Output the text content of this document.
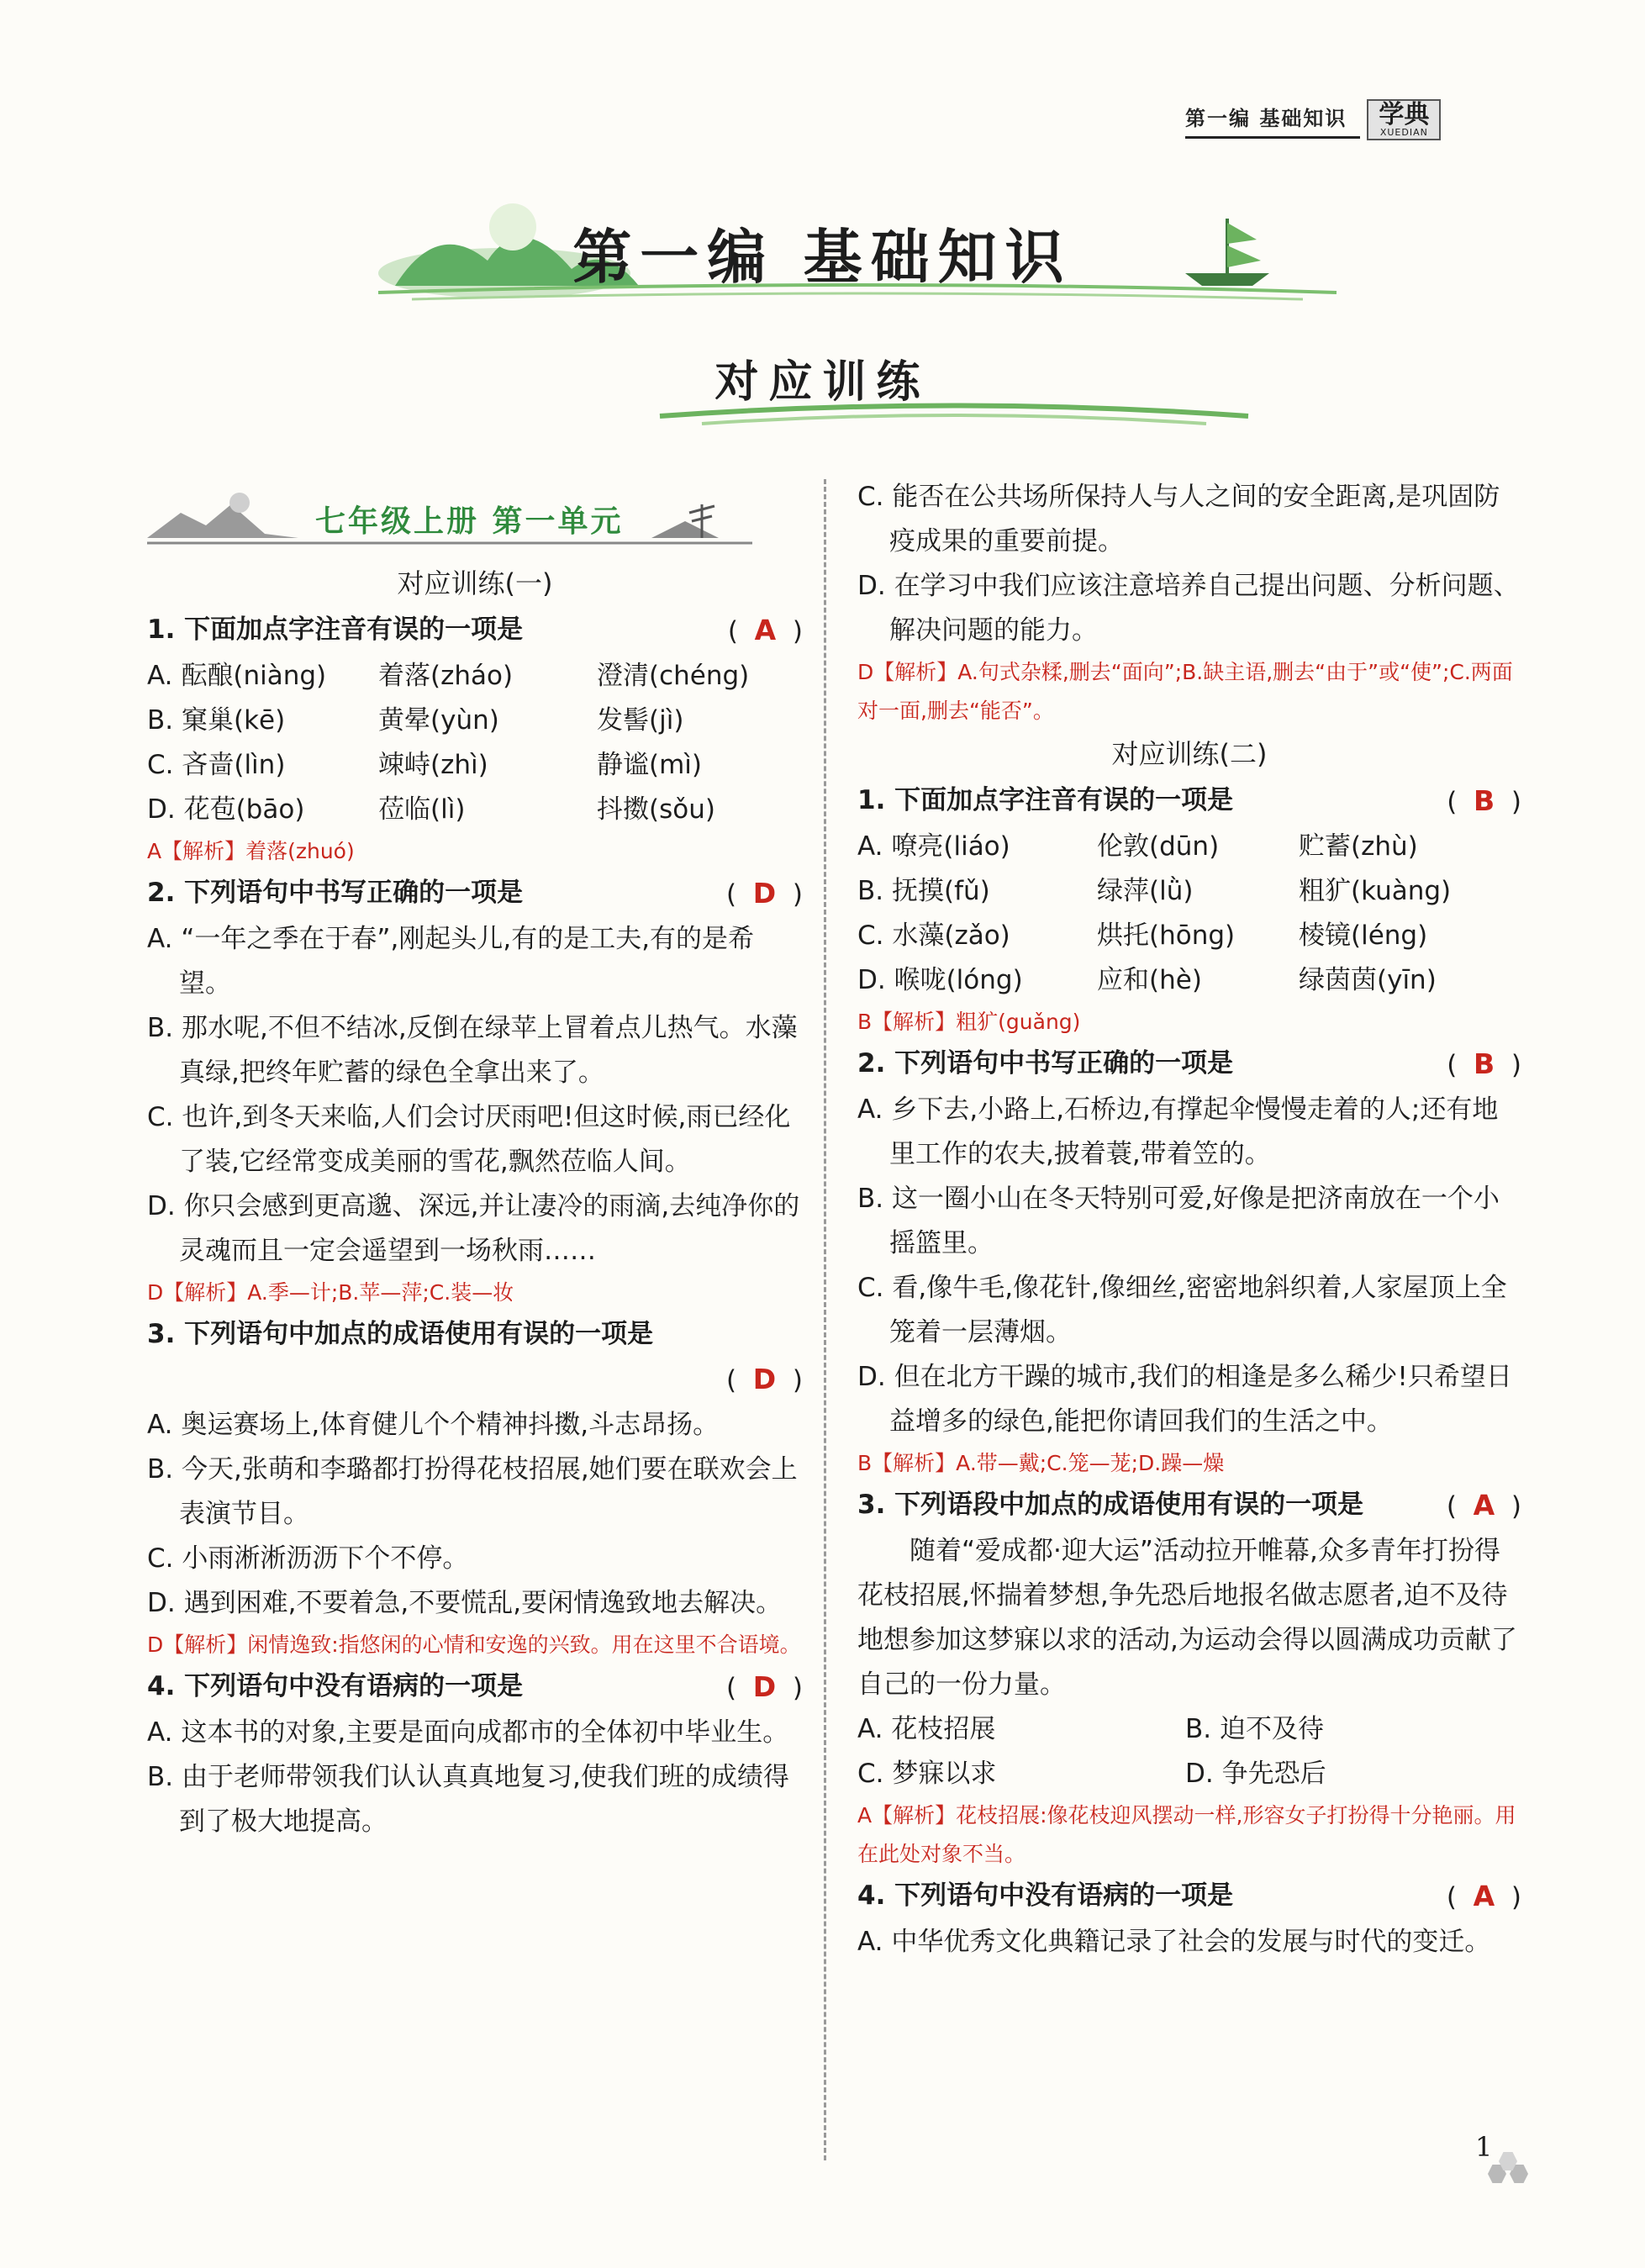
第一编 基础知识	学典
XUEDIAN
第一编 基础知识
对应训练
七年级上册 第一单元
对应训练(一)
1. 下面加点字注音有误的一项是	(  A  )
A. 酝酿(niàng)	着落(zháo)	澄清(chéng)
B. 窠巢(kē)	黄晕(yùn)	发髻(jì)
C. 吝啬(lìn)	竦峙(zhì)	静谧(mì)
D. 花苞(bāo)	莅临(lì)	抖擞(sǒu)
A【解析】着落(zhuó)
2. 下列语句中书写正确的一项是	(  D  )
A. “一年之季在于春”,刚起头儿,有的是工夫,有的是希望。
B. 那水呢,不但不结冰,反倒在绿苹上冒着点儿热气。水藻真绿,把终年贮蓄的绿色全拿出来了。
C. 也许,到冬天来临,人们会讨厌雨吧!但这时候,雨已经化了装,它经常变成美丽的雪花,飘然莅临人间。
D. 你只会感到更高邈、深远,并让凄冷的雨滴,去纯净你的灵魂而且一定会遥望到一场秋雨……
D【解析】A.季—计;B.苹—萍;C.装—妆
3. 下列语句中加点的成语使用有误的一项是
(  D  )
A. 奥运赛场上,体育健儿个个精神抖擞,斗志昂扬。
B. 今天,张萌和李璐都打扮得花枝招展,她们要在联欢会上表演节目。
C. 小雨淅淅沥沥下个不停。
D. 遇到困难,不要着急,不要慌乱,要闲情逸致地去解决。
D【解析】闲情逸致:指悠闲的心情和安逸的兴致。用在这里不合语境。
4. 下列语句中没有语病的一项是	(  D  )
A. 这本书的对象,主要是面向成都市的全体初中毕业生。
B. 由于老师带领我们认认真真地复习,使我们班的成绩得到了极大地提高。
C. 能否在公共场所保持人与人之间的安全距离,是巩固防疫成果的重要前提。
D. 在学习中我们应该注意培养自己提出问题、分析问题、解决问题的能力。
D【解析】A.句式杂糅,删去“面向”;B.缺主语,删去“由于”或“使”;C.两面对一面,删去“能否”。
对应训练(二)
1. 下面加点字注音有误的一项是	(  B  )
A. 嘹亮(liáo)	伦敦(dūn)	贮蓄(zhù)
B. 抚摸(fǔ)	绿萍(lǜ)	粗犷(kuàng)
C. 水藻(zǎo)	烘托(hōng)	棱镜(léng)
D. 喉咙(lóng)	应和(hè)	绿茵茵(yīn)
B【解析】粗犷(guǎng)
2. 下列语句中书写正确的一项是	(  B  )
A. 乡下去,小路上,石桥边,有撑起伞慢慢走着的人;还有地里工作的农夫,披着蓑,带着笠的。
B. 这一圈小山在冬天特别可爱,好像是把济南放在一个小摇篮里。
C. 看,像牛毛,像花针,像细丝,密密地斜织着,人家屋顶上全笼着一层薄烟。
D. 但在北方干躁的城市,我们的相逢是多么稀少!只希望日益增多的绿色,能把你请回我们的生活之中。
B【解析】A.带—戴;C.笼—茏;D.躁—燥
3. 下列语段中加点的成语使用有误的一项是	(  A  )
随着“爱成都·迎大运”活动拉开帷幕,众多青年打扮得花枝招展,怀揣着梦想,争先恐后地报名做志愿者,迫不及待地想参加这梦寐以求的活动,为运动会得以圆满成功贡献了自己的一份力量。
A. 花枝招展	B. 迫不及待
C. 梦寐以求	D. 争先恐后
A【解析】花枝招展:像花枝迎风摆动一样,形容女子打扮得十分艳丽。用在此处对象不当。
4. 下列语句中没有语病的一项是	(  A  )
A. 中华优秀文化典籍记录了社会的发展与时代的变迁。
1
